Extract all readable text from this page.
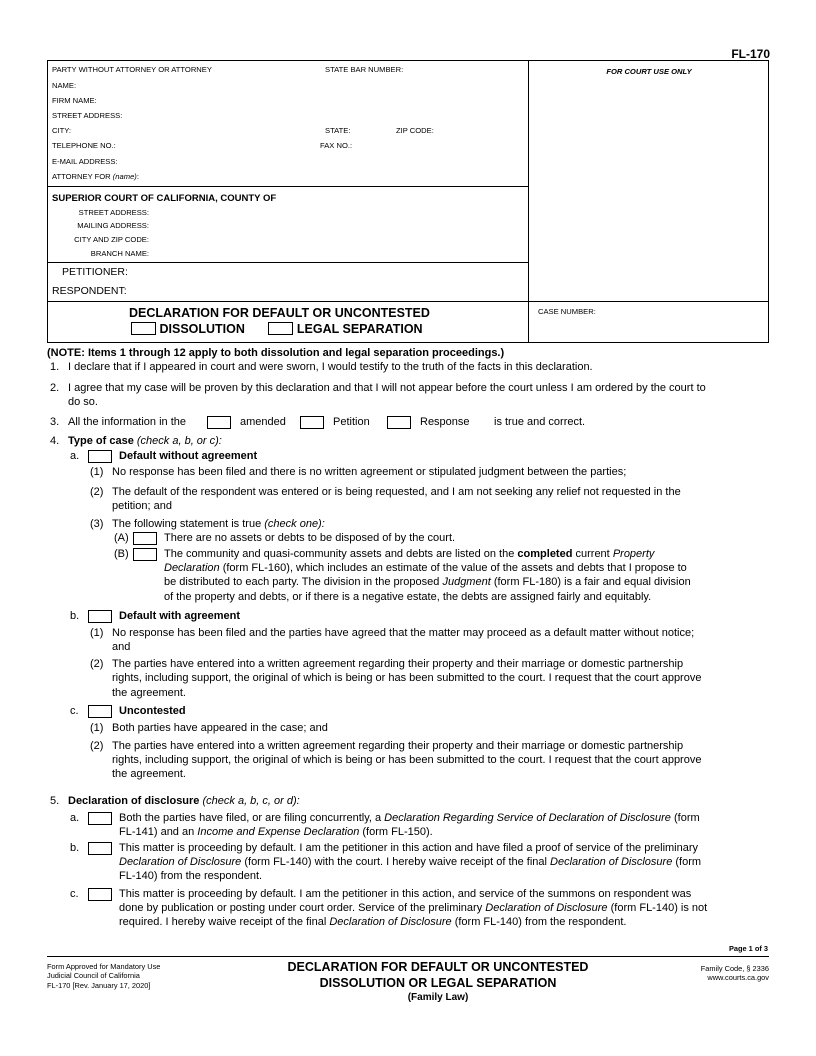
FL-170
PARTY WITHOUT ATTORNEY OR ATTORNEY	STATE BAR NUMBER:
NAME:
FIRM NAME:
STREET ADDRESS:
CITY:	STATE:	ZIP CODE:
TELEPHONE NO.:	FAX NO.:
E-MAIL ADDRESS:
ATTORNEY FOR (name):
FOR COURT USE ONLY
SUPERIOR COURT OF CALIFORNIA, COUNTY OF
STREET ADDRESS:
MAILING ADDRESS:
CITY AND ZIP CODE:
BRANCH NAME:
PETITIONER:
RESPONDENT:
DECLARATION FOR DEFAULT OR UNCONTESTED
DISSOLUTION	LEGAL SEPARATION
CASE NUMBER:
(NOTE: Items 1 through 12 apply to both dissolution and legal separation proceedings.)
1. I declare that if I appeared in court and were sworn, I would testify to the truth of the facts in this declaration.
2. I agree that my case will be proven by this declaration and that I will not appear before the court unless I am ordered by the court to
do so.
3. All the information in the	amended	Petition	Response is true and correct.
4. Type of case (check a, b, or c):
a.	Default without agreement
(1) No response has been filed and there is no written agreement or stipulated judgment between the parties;
(2) The default of the respondent was entered or is being requested, and I am not seeking any relief not requested in the
petition; and
(3) The following statement is true (check one):
(A)	There are no assets or debts to be disposed of by the court.
(B)	The community and quasi-community assets and debts are listed on the completed current Property
Declaration (form FL-160), which includes an estimate of the value of the assets and debts that I propose to
be distributed to each party. The division in the proposed Judgment (form FL-180) is a fair and equal division
of the property and debts, or if there is a negative estate, the debts are assigned fairly and equitably.
b.	Default with agreement
(1) No response has been filed and the parties have agreed that the matter may proceed as a default matter without notice;
and
(2) The parties have entered into a written agreement regarding their property and their marriage or domestic partnership
rights, including support, the original of which is being or has been submitted to the court. I request that the court approve
the agreement.
c.	Uncontested
(1) Both parties have appeared in the case; and
(2) The parties have entered into a written agreement regarding their property and their marriage or domestic partnership
rights, including support, the original of which is being or has been submitted to the court. I request that the court approve
the agreement.
5. Declaration of disclosure (check a, b, c, or d):
a.	Both the parties have filed, or are filing concurrently, a Declaration Regarding Service of Declaration of Disclosure (form
FL-141) and an Income and Expense Declaration (form FL-150).
b.	This matter is proceeding by default. I am the petitioner in this action and have filed a proof of service of the preliminary
Declaration of Disclosure (form FL-140) with the court. I hereby waive receipt of the final Declaration of Disclosure (form
FL-140) from the respondent.
c.	This matter is proceeding by default. I am the petitioner in this action, and service of the summons on respondent was
done by publication or posting under court order. Service of the preliminary Declaration of Disclosure (form FL-140) is not
required. I hereby waive receipt of the final Declaration of Disclosure (form FL-140) from the respondent.
Page 1 of 3
Form Approved for Mandatory Use
Judicial Council of California
FL-170 [Rev. January 17, 2020]
DECLARATION FOR DEFAULT OR UNCONTESTED
DISSOLUTION OR LEGAL SEPARATION
(Family Law)
Family Code, § 2336
www.courts.ca.gov
